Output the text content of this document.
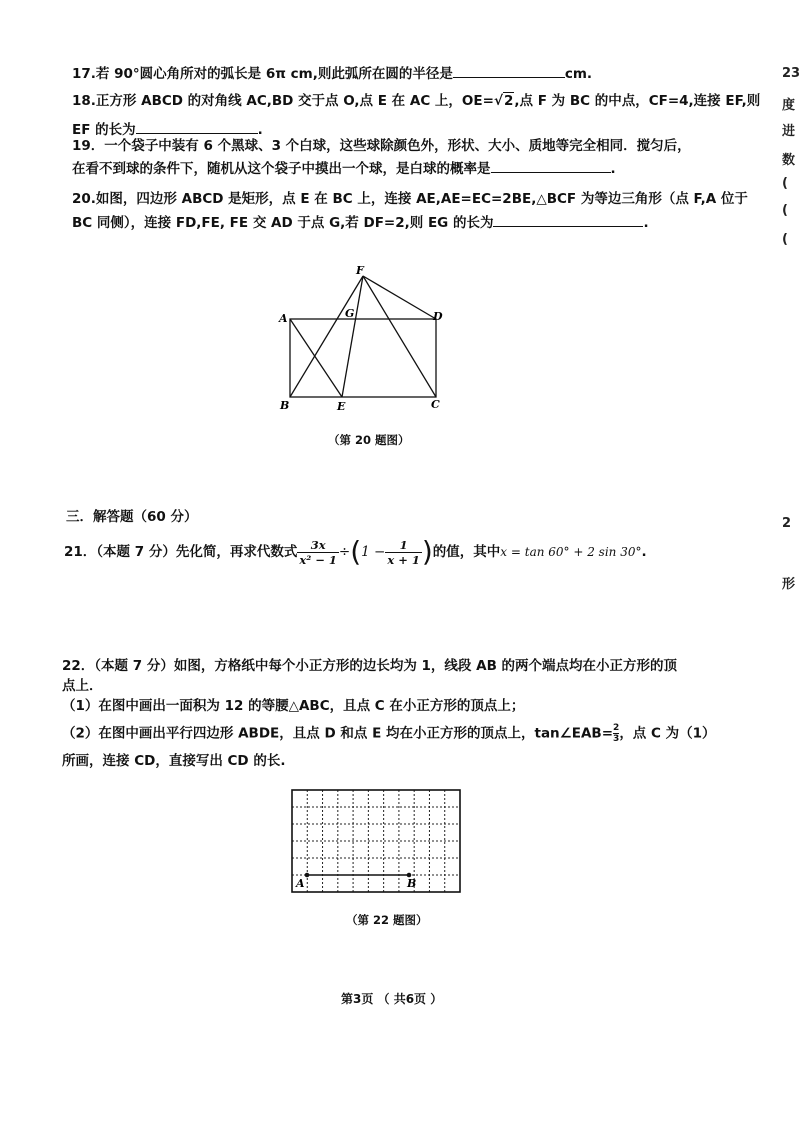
17.若 90°圆心角所对的弧长是 6π cm,则此弧所在圆的半径是	cm.
18.正方形 ABCD 的对角线 AC,BD 交于点 O,点 E 在 AC 上，OE=√2,点 F 为 BC 的中点，CF=4,连接 EF,则
EF 的长为	.
19．一个袋子中装有 6 个黑球、3 个白球，这些球除颜色外，形状、大小、质地等完全相同．搅匀后，
在看不到球的条件下，随机从这个袋子中摸出一个球，是白球的概率是	.
20.如图，四边形 ABCD 是矩形，点 E 在 BC 上，连接 AE,AE=EC=2BE,△BCF 为等边三角形（点 F,A 位于
BC 同侧），连接 FD,FE, FE 交 AD 于点 G,若 DF=2,则 EG 的长为	.
F
A	G	D
B	E	C
（第 20 题图）
三．解答题（60 分）
21．（本题 7 分）先化简，再求代数式 $\frac{3x}{\text{x² − 1}} \div(1 - \frac{1}{x + 1}$ )的值，其中x = tan 60° + 2 sin 30°.
22．（本题 7 分）如图，方格纸中每个小正方形的边长均为 1，线段 AB 的两个端点均在小正方形的顶
点上．
（1）在图中画出一面积为 12 的等腰△ABC，且点 C 在小正方形的顶点上；
（2）在图中画出平行四边形 ABDE，且点 D 和点 E 均在小正方形的顶点上，tan∠EAB= $\frac{2}{3}$ ，点 C 为（1）
所画，连接 CD，直接写出 CD 的长.
A	B
（第 22 题图）
第3页 （ 共6页 ）
23
度
进
数
(
(
(
2
形
